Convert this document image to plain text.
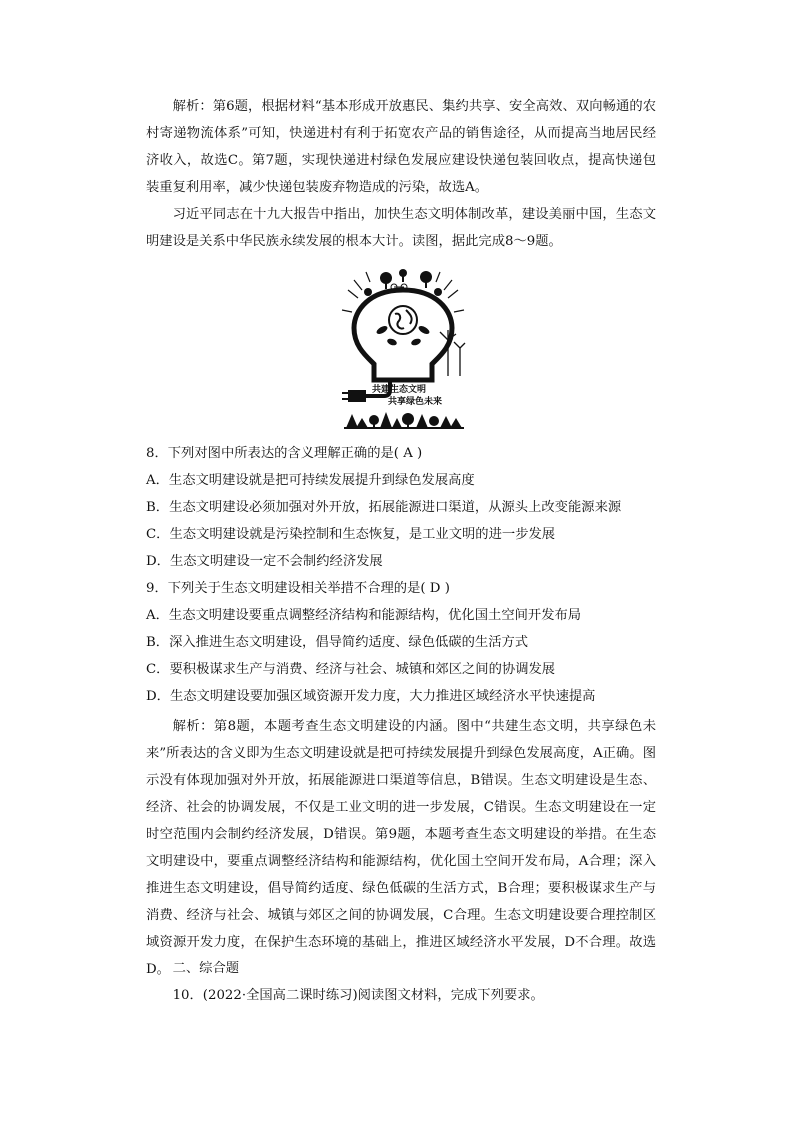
解析：第6题，根据材料“基本形成开放惠民、集约共享、安全高效、双向畅通的农村寄递物流体系”可知，快递进村有利于拓宽农产品的销售途径，从而提高当地居民经济收入，故选C。第7题，实现快递进村绿色发展应建设快递包装回收点，提高快递包装重复利用率，减少快递包装废弃物造成的污染，故选A。

习近平同志在十九大报告中指出，加快生态文明体制改革，建设美丽中国，生态文明建设是关系中华民族永续发展的根本大计。读图，据此完成8～9题。

共建生态文明
共享绿色未来
8．下列对图中所表达的含义理解正确的是( A )
A．生态文明建设就是把可持续发展提升到绿色发展高度
B．生态文明建设必须加强对外开放，拓展能源进口渠道，从源头上改变能源来源
C．生态文明建设就是污染控制和生态恢复，是工业文明的进一步发展
D．生态文明建设一定不会制约经济发展
9．下列关于生态文明建设相关举措不合理的是( D )
A．生态文明建设要重点调整经济结构和能源结构，优化国土空间开发布局
B．深入推进生态文明建设，倡导简约适度、绿色低碳的生活方式
C．要积极谋求生产与消费、经济与社会、城镇和郊区之间的协调发展
D．生态文明建设要加强区域资源开发力度，大力推进区域经济水平快速提高

解析：第8题，本题考查生态文明建设的内涵。图中“共建生态文明，共享绿色未来”所表达的含义即为生态文明建设就是把可持续发展提升到绿色发展高度，A正确。图示没有体现加强对外开放，拓展能源进口渠道等信息，B错误。生态文明建设是生态、经济、社会的协调发展，不仅是工业文明的进一步发展，C错误。生态文明建设在一定时空范围内会制约经济发展，D错误。第9题，本题考查生态文明建设的举措。在生态文明建设中，要重点调整经济结构和能源结构，优化国土空间开发布局，A合理；深入推进生态文明建设，倡导简约适度、绿色低碳的生活方式，B合理；要积极谋求生产与消费、经济与社会、城镇与郊区之间的协调发展，C合理。生态文明建设要合理控制区域资源开发力度，在保护生态环境的基础上，推进区域经济水平发展，D不合理。故选D。 二、综合题
10．(2022·全国高二课时练习)阅读图文材料，完成下列要求。
